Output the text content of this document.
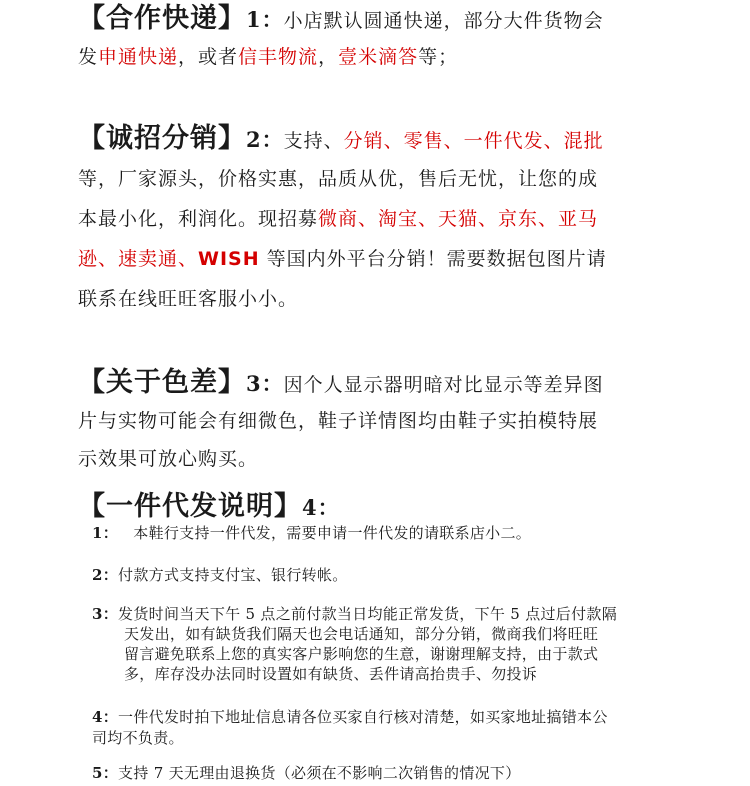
【合作快递】1：小店默认圆通快递，部分大件货物会
发申通快递，或者信丰物流，壹米滴答等；
【诚招分销】2：支持、分销、零售、一件代发、混批
等，厂家源头，价格实惠，品质从优，售后无忧，让您的成
本最小化，利润化。现招募微商、淘宝、天猫、京东、亚马
逊、速卖通、WISH 等国内外平台分销！需要数据包图片请
联系在线旺旺客服小小。
【关于色差】3：因个人显示器明暗对比显示等差异图
片与实物可能会有细微色，鞋子详情图均由鞋子实拍模特展
示效果可放心购买。
【一件代发说明】4：
1： 本鞋行支持一件代发，需要申请一件代发的请联系店小二。
2：付款方式支持支付宝、银行转帐。
3：发货时间当天下午 5 点之前付款当日均能正常发货，下午 5 点过后付款隔
天发出，如有缺货我们隔天也会电话通知，部分分销，微商我们将旺旺
留言避免联系上您的真实客户影响您的生意，谢谢理解支持，由于款式
多，库存没办法同时设置如有缺货、丢件请高抬贵手、勿投诉
4：一件代发时拍下地址信息请各位买家自行核对清楚，如买家地址搞错本公
司均不负责。
5：支持 7 天无理由退换货（必须在不影响二次销售的情况下）
